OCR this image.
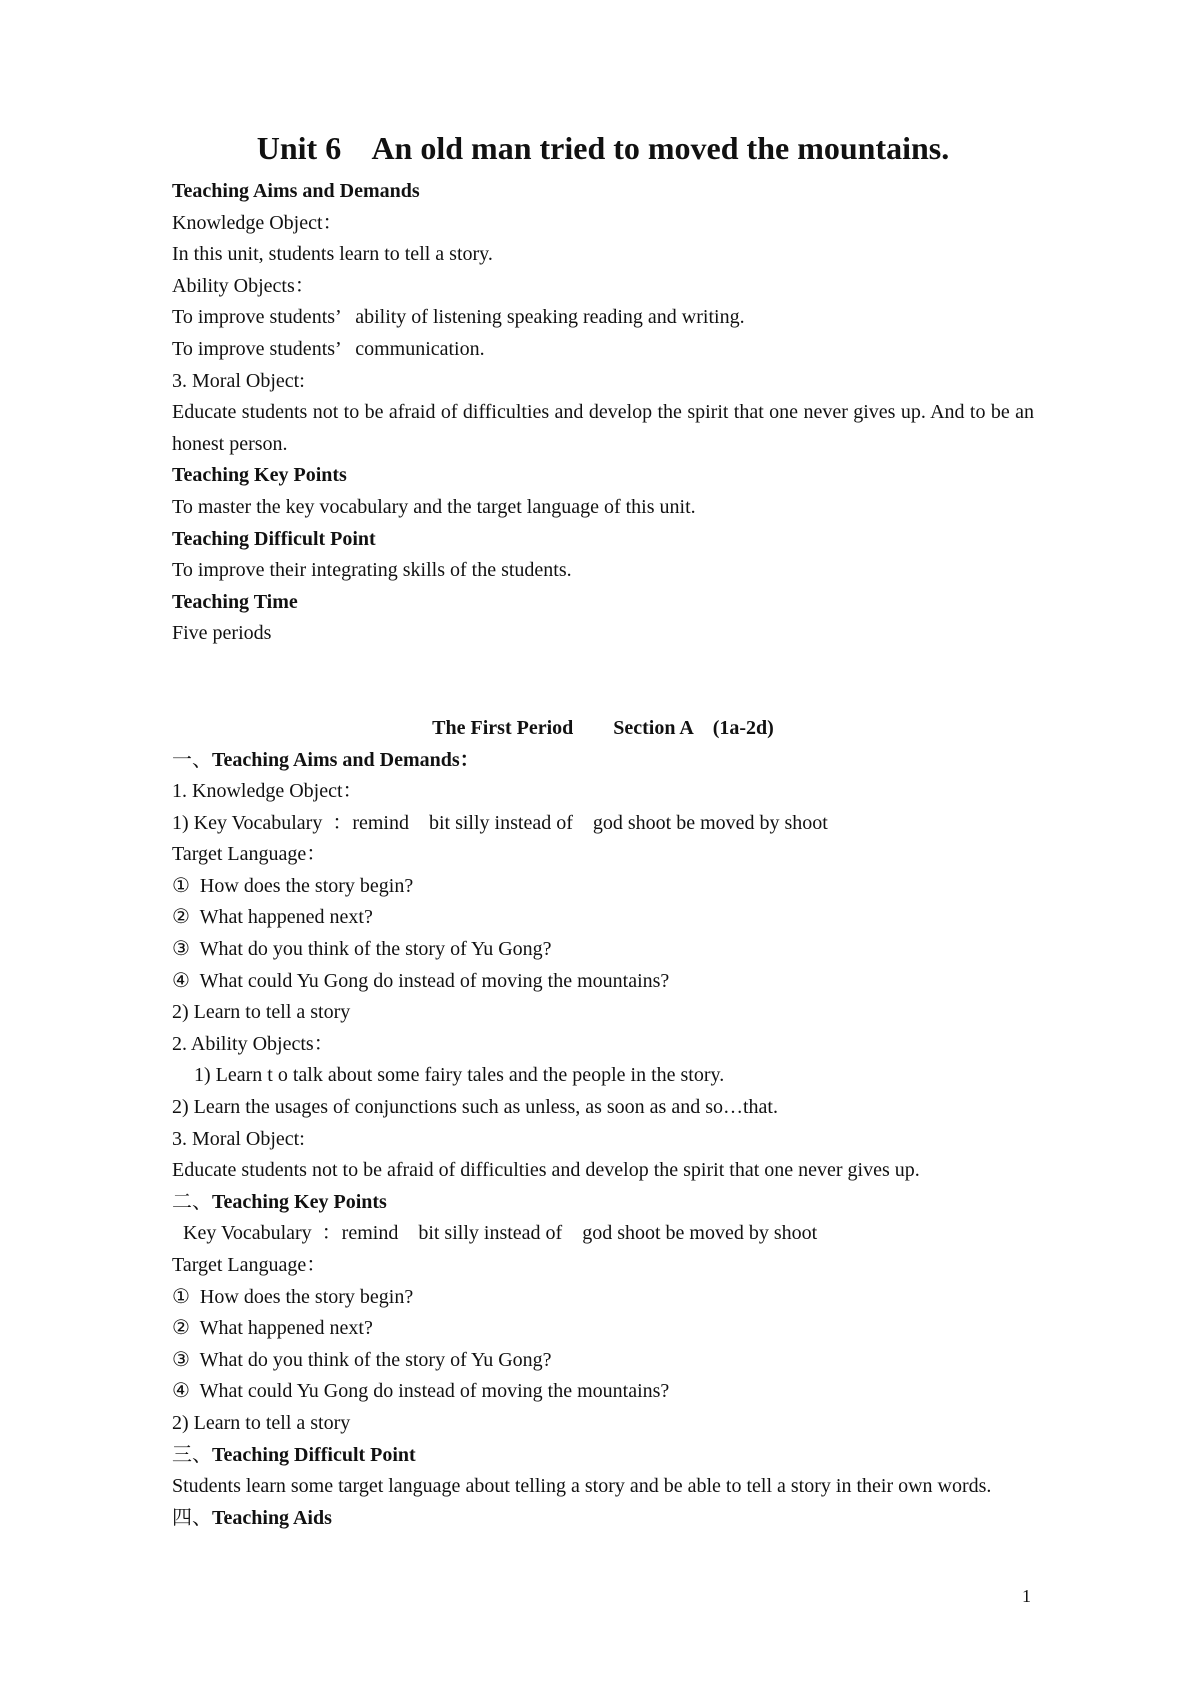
Unit 6    An old man tried to moved the mountains.
Teaching Aims and Demands
Knowledge Object：
In this unit, students learn to tell a story.
Ability Objects：
To improve students’   ability of listening speaking reading and writing.
To improve students’   communication.
3. Moral Object:
Educate students not to be afraid of difficulties and develop the spirit that one never gives up. And to be an honest person.
Teaching Key Points
To master the key vocabulary and the target language of this unit.
Teaching Difficult Point
To improve their integrating skills of the students.
Teaching Time
Five periods
The First Period        Section A    (1a-2d)
一、Teaching Aims and Demands：
1. Knowledge Object：
1) Key Vocabulary  ：remind    bit silly instead of    god shoot be moved by shoot
Target Language：
①  How does the story begin?
②  What happened next?
③  What do you think of the story of Yu Gong?
④  What could Yu Gong do instead of moving the mountains?
2) Learn to tell a story
2. Ability Objects：
1) Learn t o talk about some fairy tales and the people in the story.
2) Learn the usages of conjunctions such as unless, as soon as and so…that.
3. Moral Object:
Educate students not to be afraid of difficulties and develop the spirit that one never gives up.
二、Teaching Key Points
Key Vocabulary  ：remind    bit silly instead of    god shoot be moved by shoot
Target Language：
①  How does the story begin?
②  What happened next?
③  What do you think of the story of Yu Gong?
④  What could Yu Gong do instead of moving the mountains?
2) Learn to tell a story
三、Teaching Difficult Point
Students learn some target language about telling a story and be able to tell a story in their own words.
四、Teaching Aids
1
